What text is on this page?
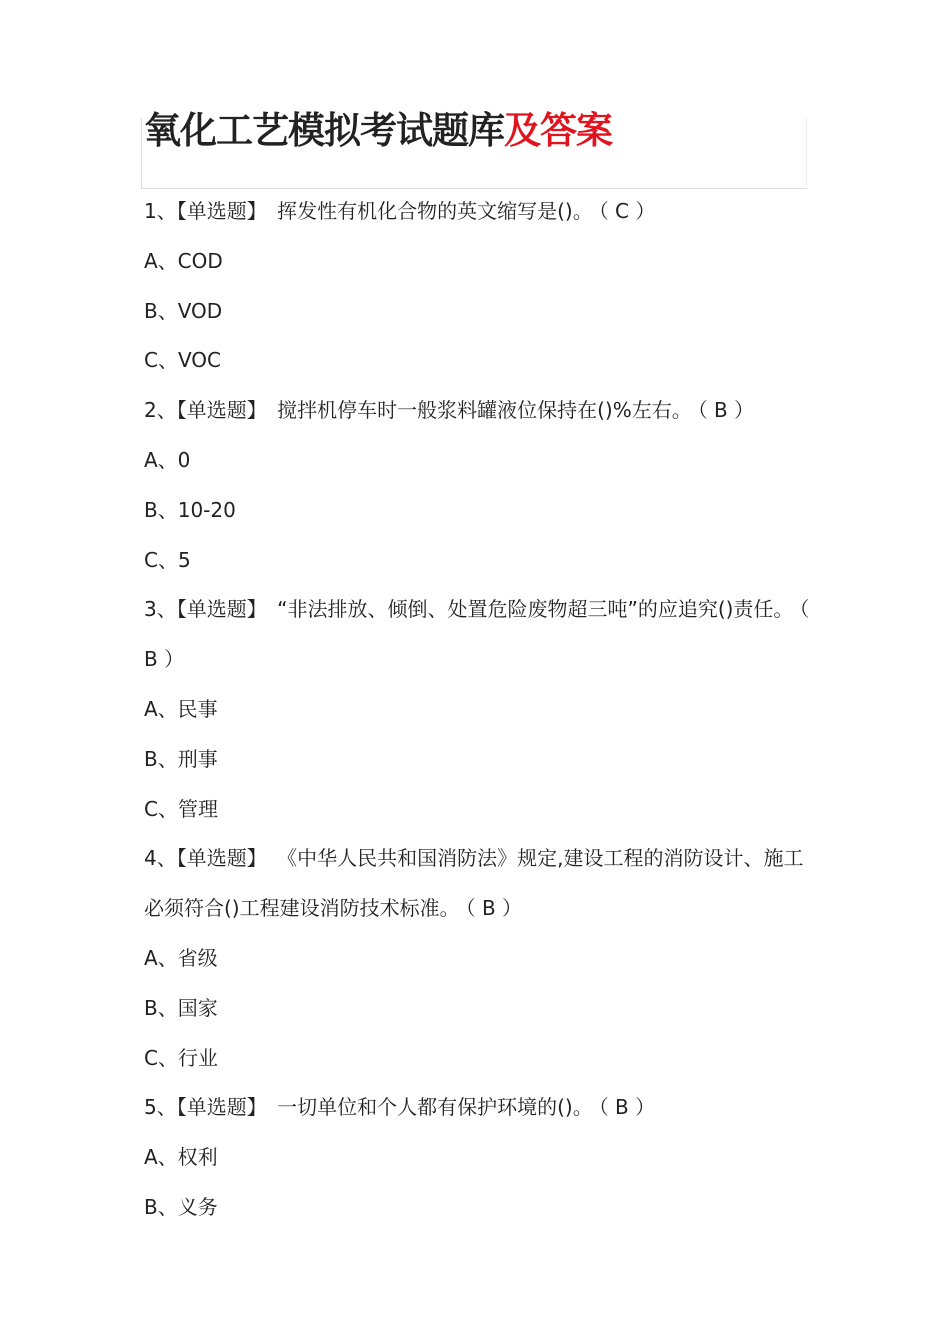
氧化工艺模拟考试题库及答案
1、【单选题】 挥发性有机化合物的英文缩写是()。 （ C ）
A、COD
B、VOD
C、VOC
2、【单选题】 搅拌机停车时一般浆料罐液位保持在()%左右。 （ B ）
A、0
B、10-20
C、5
3、【单选题】 “非法排放、倾倒、处置危险废物超三吨”的应追究()责任。 （ B ）
A、民事
B、刑事
C、管理
4、【单选题】 《中华人民共和国消防法》规定,建设工程的消防设计、施工必须符合()工程建设消防技术标准。 （ B ）
A、省级
B、国家
C、行业
5、【单选题】 一切单位和个人都有保护环境的()。 （ B ）
A、权利
B、义务
